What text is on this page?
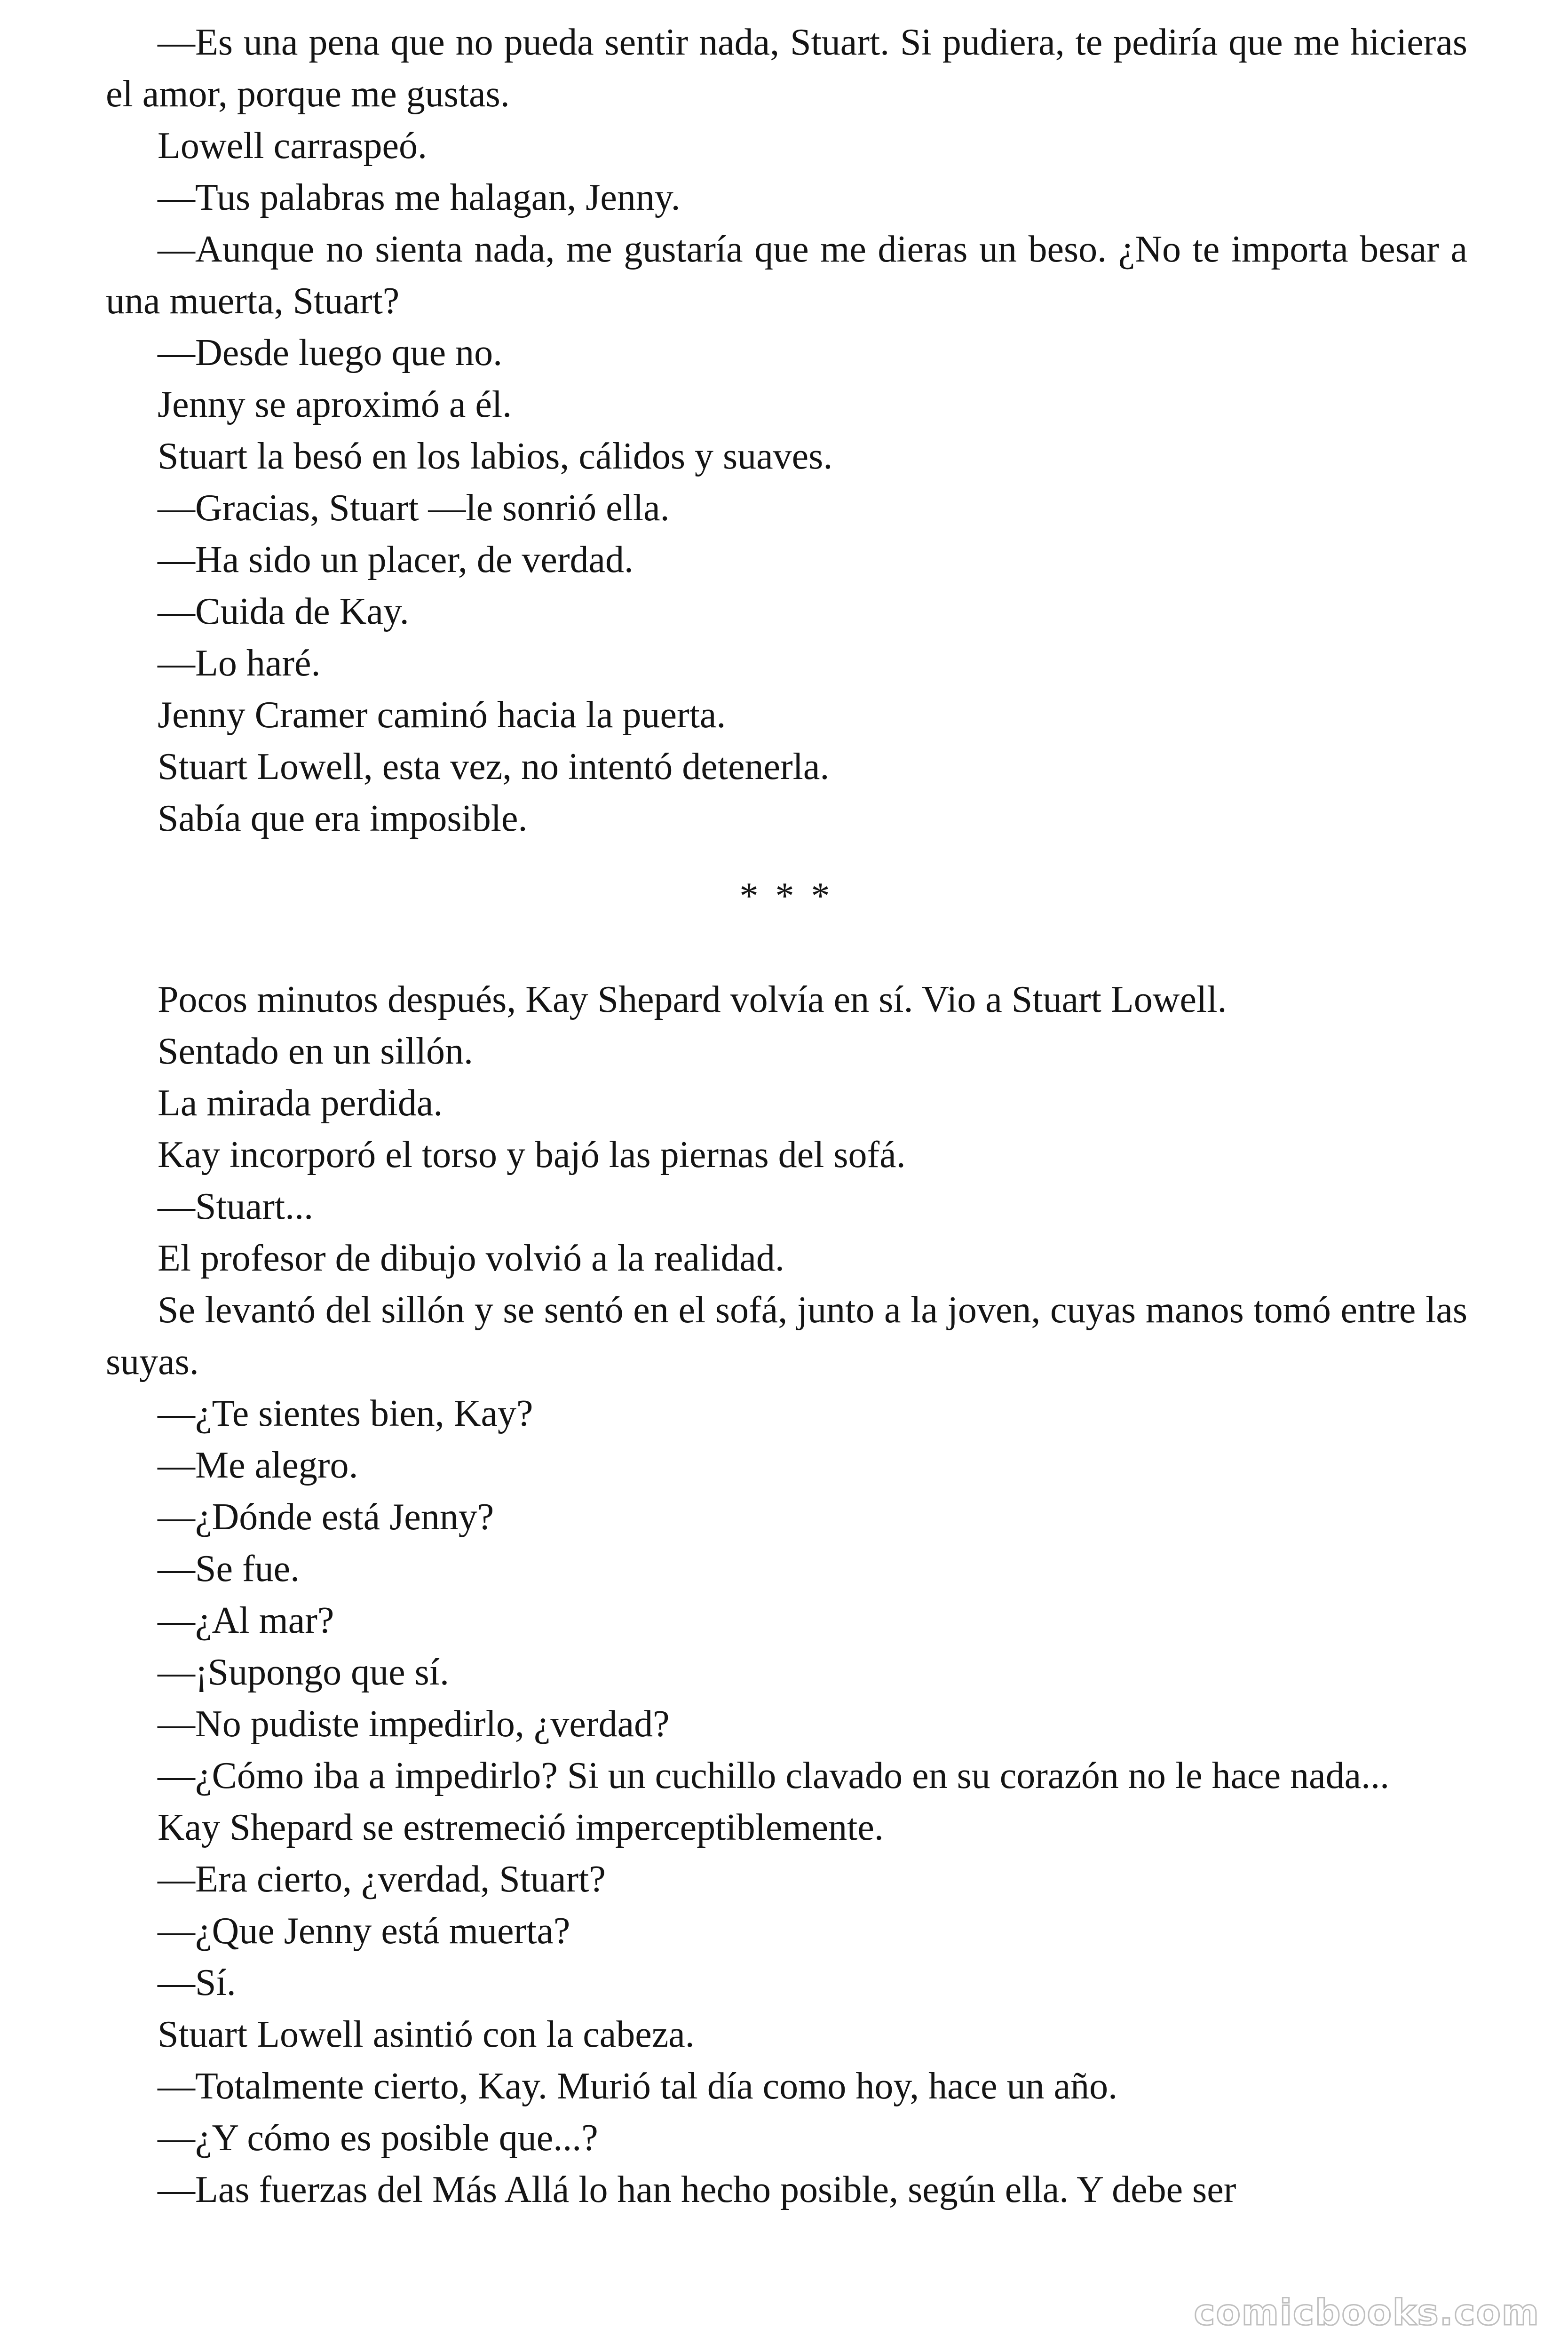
—Es una pena que no pueda sentir nada, Stuart. Si pudiera, te pediría que me hicieras el amor, porque me gustas.

Lowell carraspeó.

—Tus palabras me halagan, Jenny.

—Aunque no sienta nada, me gustaría que me dieras un beso. ¿No te importa besar a una muerta, Stuart?

—Desde luego que no.

Jenny se aproximó a él.

Stuart la besó en los labios, cálidos y suaves.

—Gracias, Stuart —le sonrió ella.

—Ha sido un placer, de verdad.

—Cuida de Kay.

—Lo haré.

Jenny Cramer caminó hacia la puerta.

Stuart Lowell, esta vez, no intentó detenerla.

Sabía que era imposible.

* * *

Pocos minutos después, Kay Shepard volvía en sí. Vio a Stuart Lowell.

Sentado en un sillón.

La mirada perdida.

Kay incorporó el torso y bajó las piernas del sofá.

—Stuart...

El profesor de dibujo volvió a la realidad.

Se levantó del sillón y se sentó en el sofá, junto a la joven, cuyas manos tomó entre las suyas.

—¿Te sientes bien, Kay?

—Me alegro.

—¿Dónde está Jenny?

—Se fue.

—¿Al mar?

—¡Supongo que sí.

—No pudiste impedirlo, ¿verdad?

—¿Cómo iba a impedirlo? Si un cuchillo clavado en su corazón no le hace nada...

Kay Shepard se estremeció imperceptiblemente.

—Era cierto, ¿verdad, Stuart?

—¿Que Jenny está muerta?

—Sí.

Stuart Lowell asintió con la cabeza.

—Totalmente cierto, Kay. Murió tal día como hoy, hace un año.

—¿Y cómo es posible que...?

—Las fuerzas del Más Allá lo han hecho posible, según ella. Y debe ser

comicbooks.com
